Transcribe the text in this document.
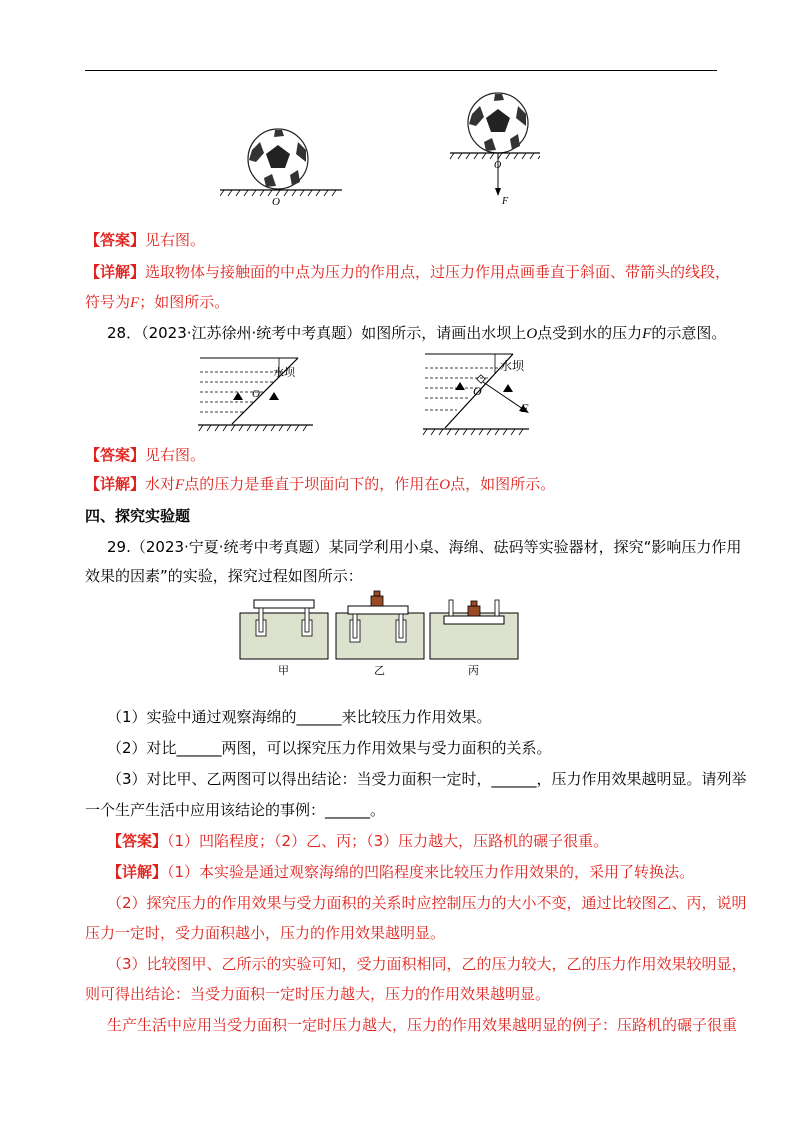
O
O
F
【答案】见右图。
【详解】选取物体与接触面的中点为压力的作用点，过压力作用点画垂直于斜面、带箭头的线段，
符号为F；如图所示。
28．（2023·江苏徐州·统考中考真题）如图所示，请画出水坝上O点受到水的压力F的示意图。
水坝
O
水坝
O
F
【答案】见右图。
【详解】水对F点的压力是垂直于坝面向下的，作用在O点，如图所示。
四、探究实验题
29.（2023·宁夏·统考中考真题）某同学利用小桌、海绵、砝码等实验器材，探究“影响压力作用
效果的因素”的实验，探究过程如图所示：
甲	乙	丙
（1）实验中通过观察海绵的______来比较压力作用效果。
（2）对比______两图，可以探究压力作用效果与受力面积的关系。
（3）对比甲、乙两图可以得出结论：当受力面积一定时，______，压力作用效果越明显。请列举
一个生产生活中应用该结论的事例：______。
【答案】（1）凹陷程度；（2）乙、丙；（3）压力越大，压路机的碾子很重。
【详解】（1）本实验是通过观察海绵的凹陷程度来比较压力作用效果的，采用了转换法。
（2）探究压力的作用效果与受力面积的关系时应控制压力的大小不变，通过比较图乙、丙，说明
压力一定时，受力面积越小，压力的作用效果越明显。
（3）比较图甲、乙所示的实验可知，受力面积相同，乙的压力较大，乙的压力作用效果较明显，
则可得出结论：当受力面积一定时压力越大，压力的作用效果越明显。
生产生活中应用当受力面积一定时压力越大，压力的作用效果越明显的例子：压路机的碾子很重
